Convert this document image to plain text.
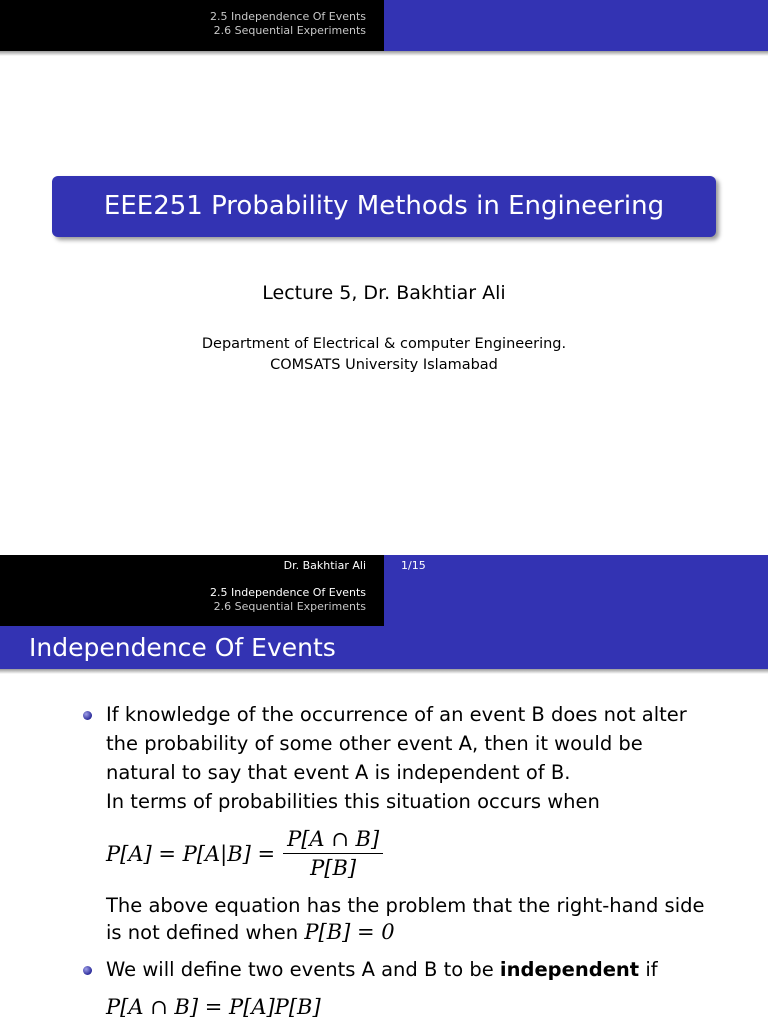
2.5 Independence Of Events
2.6 Sequential Experiments
EEE251 Probability Methods in Engineering
Lecture 5, Dr. Bakhtiar Ali
Department of Electrical & computer Engineering.
COMSATS University Islamabad
Dr. Bakhtiar Ali	1/15
2.5 Independence Of Events
2.6 Sequential Experiments
Independence Of Events
If knowledge of the occurrence of an event B does not alter
the probability of some other event A, then it would be
natural to say that event A is independent of B.
In terms of probabilities this situation occurs when
$P[A] = P[A|B] = \frac{P[A \cap B]}{P[B]}$
The above equation has the problem that the right-hand side
is not defined when P[B] = 0
We will define two events A and B to be independent if
P[A ∩ B] = P[A]P[B]
